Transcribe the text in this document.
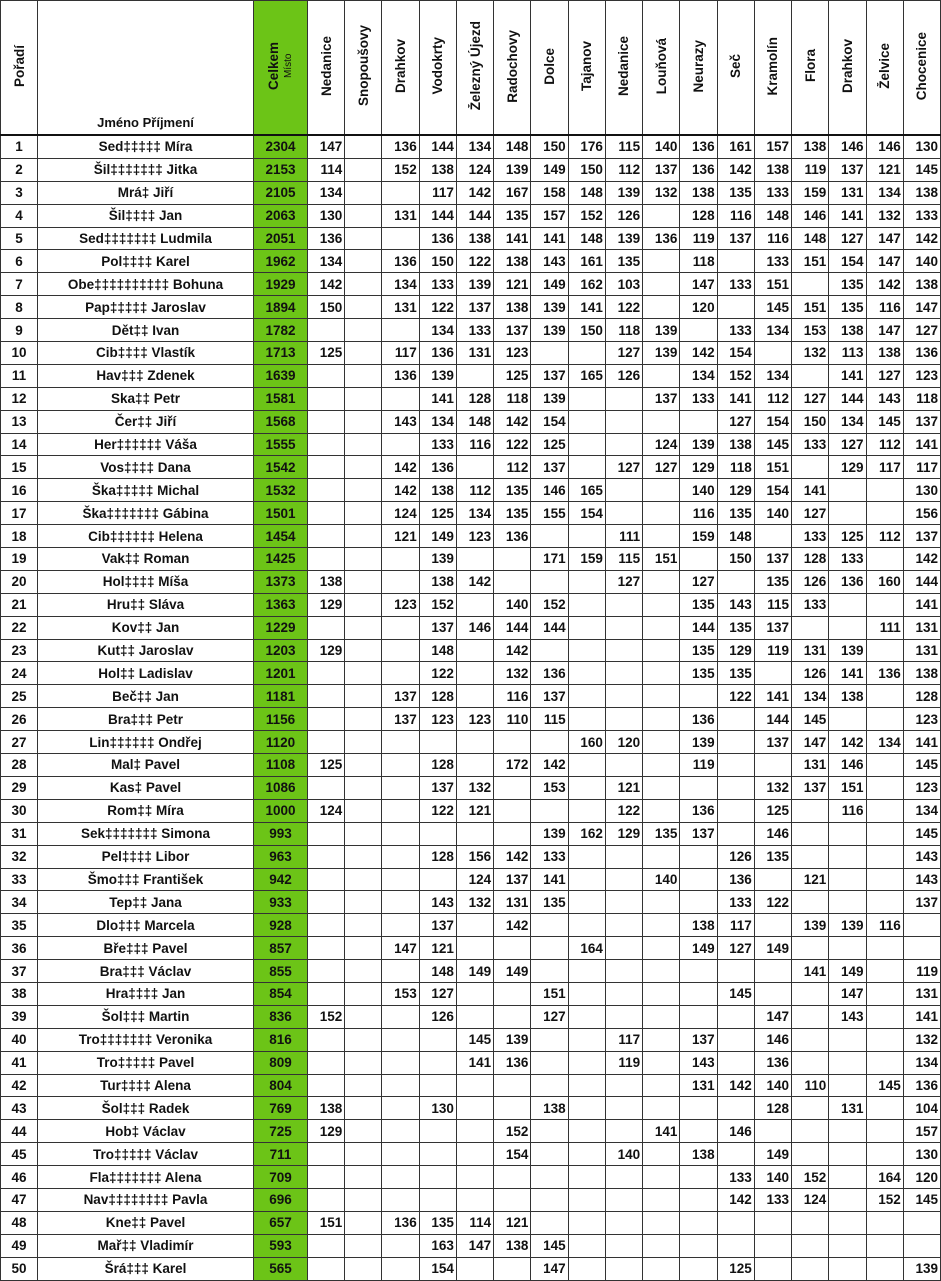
Pořadí	Jméno Příjmení	Celkem Místo	Nedanice	Snopoušovy	Drahkov	Vodokrty	Železný Újezd	Radochovy	Dolce	Tajanov	Nedanice	Louňová	Neurazy	Seč	Kramolín	Flora	Drahkov	Želvice	Chocenice
1	Sed‡‡‡‡‡ Míra	2304	147		136	144	134	148	150	176	115	140	136	161	157	138	146	146	130
2	Šil‡‡‡‡‡‡‡ Jitka	2153	114		152	138	124	139	149	150	112	137	136	142	138	119	137	121	145
3	Mrá‡ Jiří	2105	134			117	142	167	158	148	139	132	138	135	133	159	131	134	138
4	Šil‡‡‡‡ Jan	2063	130		131	144	144	135	157	152	126		128	116	148	146	141	132	133
5	Sed‡‡‡‡‡‡‡ Ludmila	2051	136			136	138	141	141	148	139	136	119	137	116	148	127	147	142
6	Pol‡‡‡‡ Karel	1962	134		136	150	122	138	143	161	135		118		133	151	154	147	140
7	Obe‡‡‡‡‡‡‡‡‡‡ Bohuna	1929	142		134	133	139	121	149	162	103		147	133	151		135	142	138
8	Pap‡‡‡‡‡ Jaroslav	1894	150		131	122	137	138	139	141	122		120		145	151	135	116	147
9	Dět‡‡ Ivan	1782				134	133	137	139	150	118	139		133	134	153	138	147	127
10	Cib‡‡‡‡ Vlastík	1713	125		117	136	131	123			127	139	142	154		132	113	138	136
11	Hav‡‡‡ Zdenek	1639			136	139		125	137	165	126		134	152	134		141	127	123
12	Ska‡‡ Petr	1581				141	128	118	139			137	133	141	112	127	144	143	118
13	Čer‡‡ Jiří	1568			143	134	148	142	154					127	154	150	134	145	137
14	Her‡‡‡‡‡‡ Váša	1555				133	116	122	125			124	139	138	145	133	127	112	141
15	Vos‡‡‡‡ Dana	1542			142	136		112	137		127	127	129	118	151		129	117	117
16	Ška‡‡‡‡‡ Michal	1532			142	138	112	135	146	165			140	129	154	141			130
17	Ška‡‡‡‡‡‡‡ Gábina	1501			124	125	134	135	155	154			116	135	140	127			156
18	Cib‡‡‡‡‡‡ Helena	1454			121	149	123	136			111		159	148		133	125	112	137
19	Vak‡‡ Roman	1425				139			171	159	115	151		150	137	128	133		142
20	Hol‡‡‡‡ Míša	1373	138			138	142				127		127		135	126	136	160	144
21	Hru‡‡ Sláva	1363	129		123	152		140	152				135	143	115	133			141
22	Kov‡‡ Jan	1229				137	146	144	144				144	135	137			111	131
23	Kut‡‡ Jaroslav	1203	129			148		142					135	129	119	131	139		131
24	Hol‡‡ Ladislav	1201				122		132	136				135	135		126	141	136	138
25	Beč‡‡ Jan	1181			137	128		116	137					122	141	134	138		128
26	Bra‡‡‡ Petr	1156			137	123	123	110	115				136		144	145			123
27	Lin‡‡‡‡‡‡ Ondřej	1120								160	120		139		137	147	142	134	141
28	Mal‡ Pavel	1108	125			128		172	142				119			131	146		145
29	Kas‡ Pavel	1086				137	132		153		121				132	137	151		123
30	Rom‡‡ Míra	1000	124			122	121				122		136		125		116		134
31	Sek‡‡‡‡‡‡‡ Simona	993							139	162	129	135	137		146				145
32	Pel‡‡‡‡ Libor	963				128	156	142	133					126	135				143
33	Šmo‡‡‡ František	942					124	137	141			140		136		121			143
34	Tep‡‡ Jana	933				143	132	131	135					133	122				137
35	Dlo‡‡‡ Marcela	928				137		142					138	117		139	139	116	
36	Bře‡‡‡ Pavel	857			147	121				164			149	127	149				
37	Bra‡‡‡ Václav	855				148	149	149								141	149		119
38	Hra‡‡‡‡ Jan	854			153	127			151					145			147		131
39	Šol‡‡‡ Martin	836	152			126			127						147		143		141
40	Tro‡‡‡‡‡‡‡ Veronika	816					145	139			117		137		146				132
41	Tro‡‡‡‡‡ Pavel	809					141	136			119		143		136				134
42	Tur‡‡‡‡ Alena	804											131	142	140	110		145	136
43	Šol‡‡‡ Radek	769	138			130			138						128		131		104
44	Hob‡ Václav	725	129					152				141		146					157
45	Tro‡‡‡‡‡ Václav	711						154			140		138		149				130
46	Fla‡‡‡‡‡‡‡ Alena	709												133	140	152		164	120
47	Nav‡‡‡‡‡‡‡‡ Pavla	696												142	133	124		152	145
48	Kne‡‡ Pavel	657	151		136	135	114	121											
49	Mař‡‡ Vladimír	593				163	147	138	145										
50	Šrá‡‡‡ Karel	565				154			147					125					139
